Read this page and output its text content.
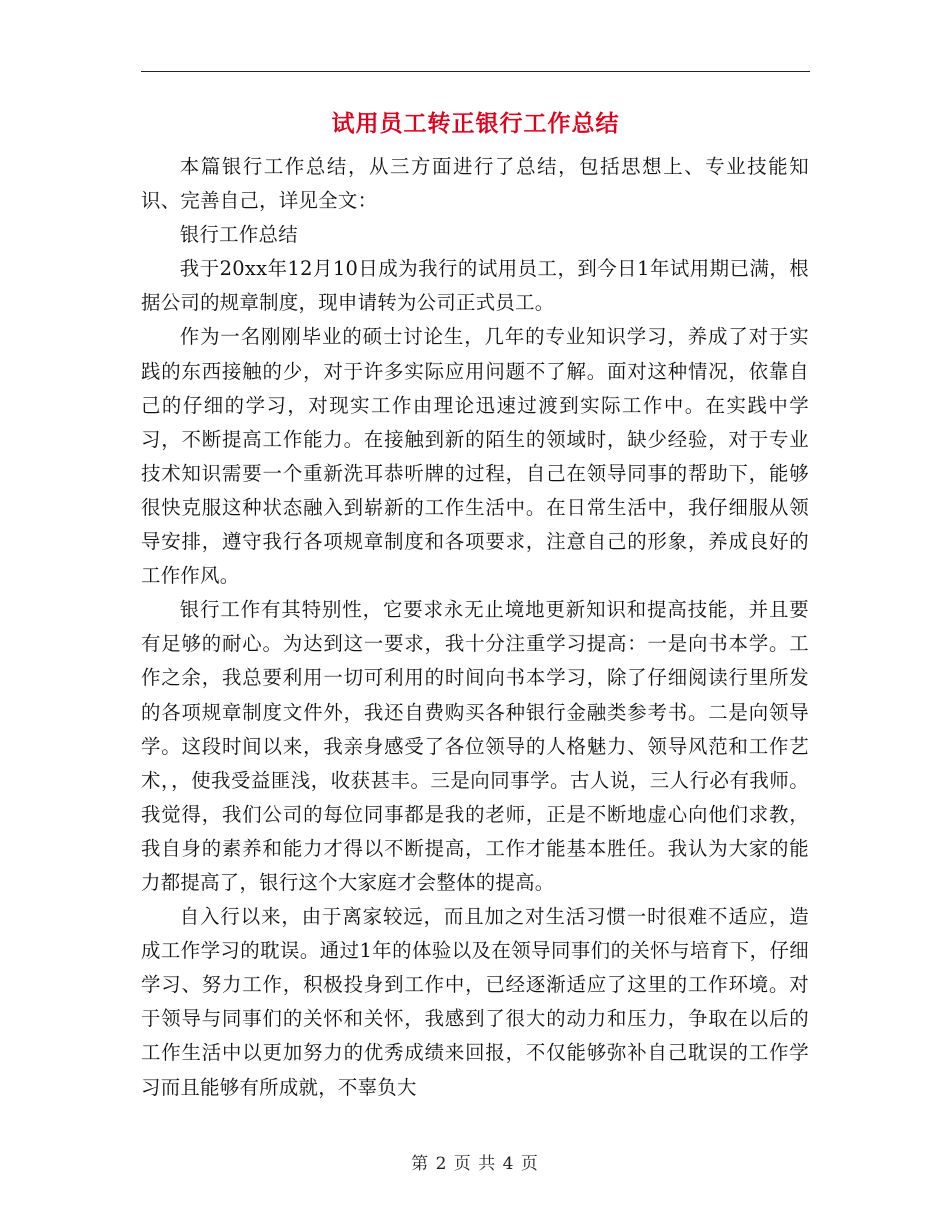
试用员工转正银行工作总结

本篇银行工作总结，从三方面进行了总结，包括思想上、专业技能知识、完善自己，详见全文：

银行工作总结

我于20xx年12月10日成为我行的试用员工，到今日1年试用期已满，根据公司的规章制度，现申请转为公司正式员工。

作为一名刚刚毕业的硕士讨论生，几年的专业知识学习，养成了对于实践的东西接触的少，对于许多实际应用问题不了解。面对这种情况，依靠自己的仔细的学习，对现实工作由理论迅速过渡到实际工作中。在实践中学习，不断提高工作能力。在接触到新的陌生的领域时，缺少经验，对于专业技术知识需要一个重新洗耳恭听牌的过程，自己在领导同事的帮助下，能够很快克服这种状态融入到崭新的工作生活中。在日常生活中，我仔细服从领导安排，遵守我行各项规章制度和各项要求，注意自己的形象，养成良好的工作作风。

银行工作有其特别性，它要求永无止境地更新知识和提高技能，并且要有足够的耐心。为达到这一要求，我十分注重学习提高：一是向书本学。工作之余，我总要利用一切可利用的时间向书本学习，除了仔细阅读行里所发的各项规章制度文件外，我还自费购买各种银行金融类参考书。二是向领导学。这段时间以来，我亲身感受了各位领导的人格魅力、领导风范和工作艺术，，使我受益匪浅，收获甚丰。三是向同事学。古人说，三人行必有我师。我觉得，我们公司的每位同事都是我的老师，正是不断地虚心向他们求教，我自身的素养和能力才得以不断提高，工作才能基本胜任。我认为大家的能力都提高了，银行这个大家庭才会整体的提高。

自入行以来，由于离家较远，而且加之对生活习惯一时很难不适应，造成工作学习的耽误。通过1年的体验以及在领导同事们的关怀与培育下，仔细学习、努力工作，积极投身到工作中，已经逐渐适应了这里的工作环境。对于领导与同事们的关怀和关怀，我感到了很大的动力和压力，争取在以后的工作生活中以更加努力的优秀成绩来回报，不仅能够弥补自己耽误的工作学习而且能够有所成就，不辜负大

第 2 页 共 4 页
